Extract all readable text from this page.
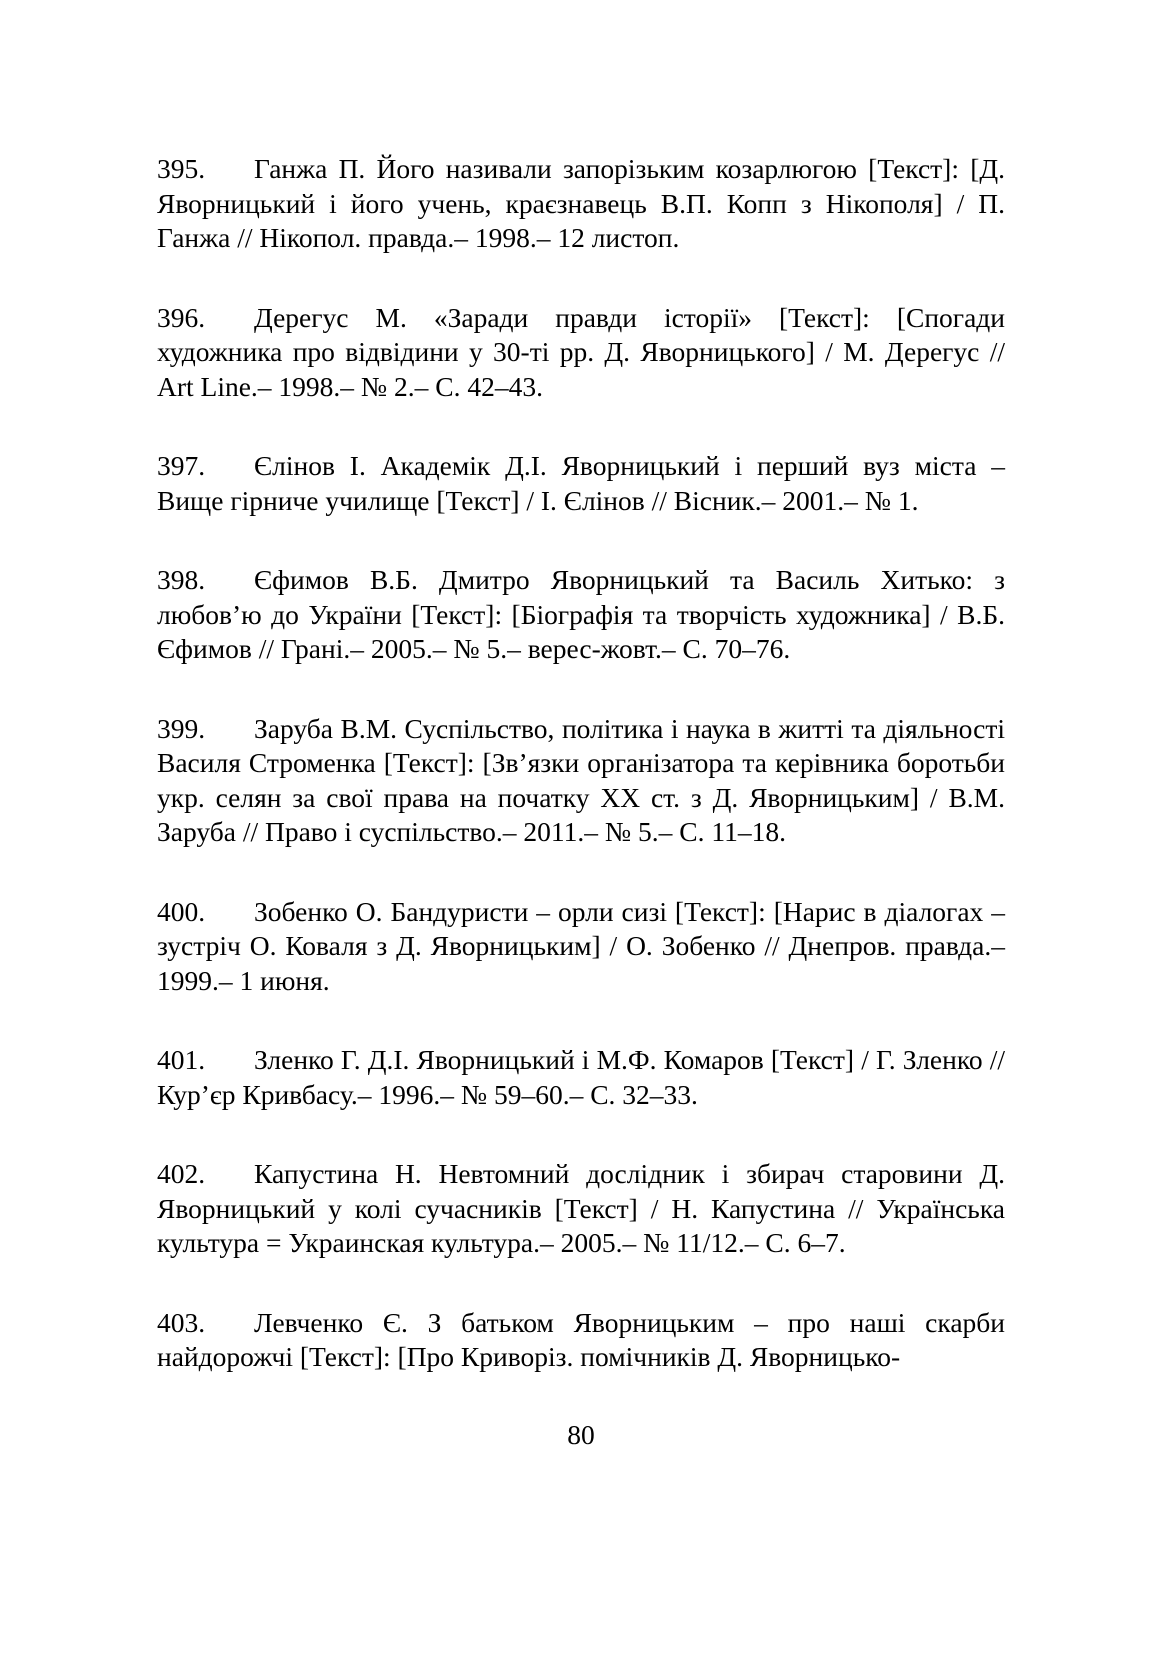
395. Ганжа П. Його називали запорізьким козарлюгою [Текст]: [Д. Яворницький і його учень, краєзнавець В.П. Копп з Нікополя] / П. Ганжа // Нікопол. правда.– 1998.– 12 листоп.

396. Дерегус М. «Заради правди історії» [Текст]: [Спогади художника про відвідини у 30-ті рр. Д. Яворницького] / М. Дерегус // Art Line.– 1998.– № 2.– С. 42–43.

397. Єлінов І. Академік Д.І. Яворницький і перший вуз міста – Вище гірниче училище [Текст] / І. Єлінов // Вісник.– 2001.– № 1.

398. Єфимов В.Б. Дмитро Яворницький та Василь Хитько: з любов’ю до України [Текст]: [Біографія та творчість художника] / В.Б. Єфимов // Грані.– 2005.– № 5.– верес-жовт.– С. 70–76.

399. Заруба В.М. Суспільство, політика і наука в житті та діяльності Василя Строменка [Текст]: [Зв’язки організатора та керівника боротьби укр. селян за свої права на початку XX ст. з Д. Яворницьким] / В.М. Заруба // Право і суспільство.– 2011.– № 5.– С. 11–18.

400. Зобенко О. Бандуристи – орли сизі [Текст]: [Нарис в діалогах – зустріч О. Коваля з Д. Яворницьким] / О. Зобенко // Днепров. правда.– 1999.– 1 июня.

401. Зленко Г. Д.І. Яворницький і М.Ф. Комаров [Текст] / Г. Зленко // Кур’єр Кривбасу.– 1996.– № 59–60.– С. 32–33.

402. Капустина Н. Невтомний дослідник і збирач старовини Д. Яворницький у колі сучасників [Текст] / Н. Капустина // Українська культура = Украинская культура.– 2005.– № 11/12.– С. 6–7.

403. Левченко Є. З батьком Яворницьким – про наші скарби найдорожчі [Текст]: [Про Криворіз. помічників Д. Яворницько-

80
